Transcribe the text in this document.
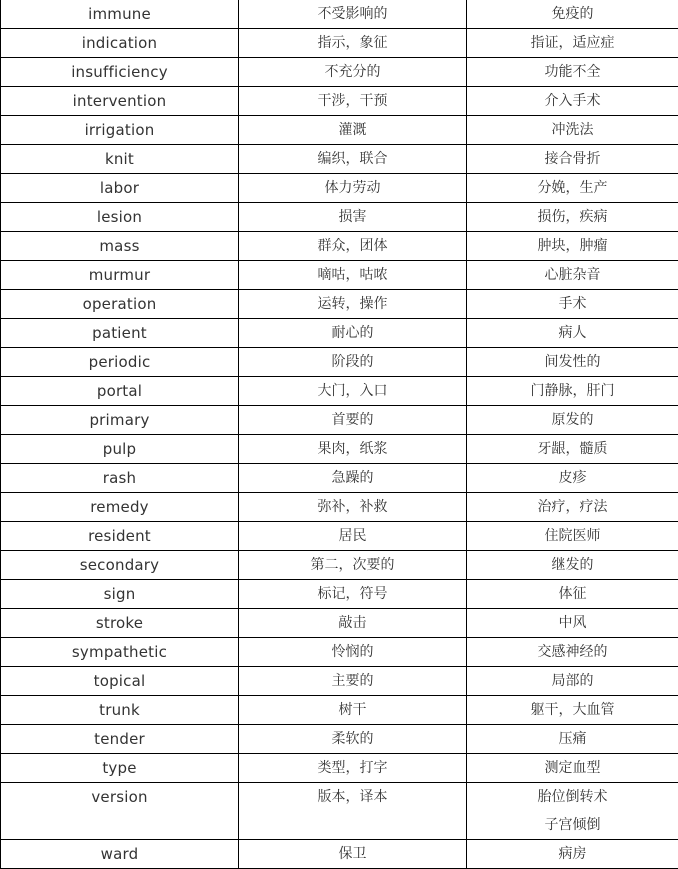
immune	不受影响的	免疫的

indication	指示，象征	指证，适应症

insufficiency	不充分的	功能不全

intervention	干涉，干预	介入手术

irrigation	灌溉	冲洗法

knit	编织，联合	接合骨折

labor	体力劳动	分娩，生产

lesion	损害	损伤，疾病

mass	群众，团体	肿块，肿瘤

murmur	嘀咕，咕哝	心脏杂音

operation	运转，操作	手术

patient	耐心的	病人

periodic	阶段的	间发性的

portal	大门，入口	门静脉，肝门

primary	首要的	原发的

pulp	果肉，纸浆	牙龈，髓质

rash	急躁的	皮疹

remedy	弥补，补救	治疗，疗法

resident	居民	住院医师

secondary	第二，次要的	继发的

sign	标记，符号	体征

stroke	敲击	中风

sympathetic	怜悯的	交感神经的

topical	主要的	局部的

trunk	树干	躯干，大血管

tender	柔软的	压痛

type	类型，打字	测定血型

version	版本，译本	胎位倒转术
子宫倾倒

ward	保卫	病房
